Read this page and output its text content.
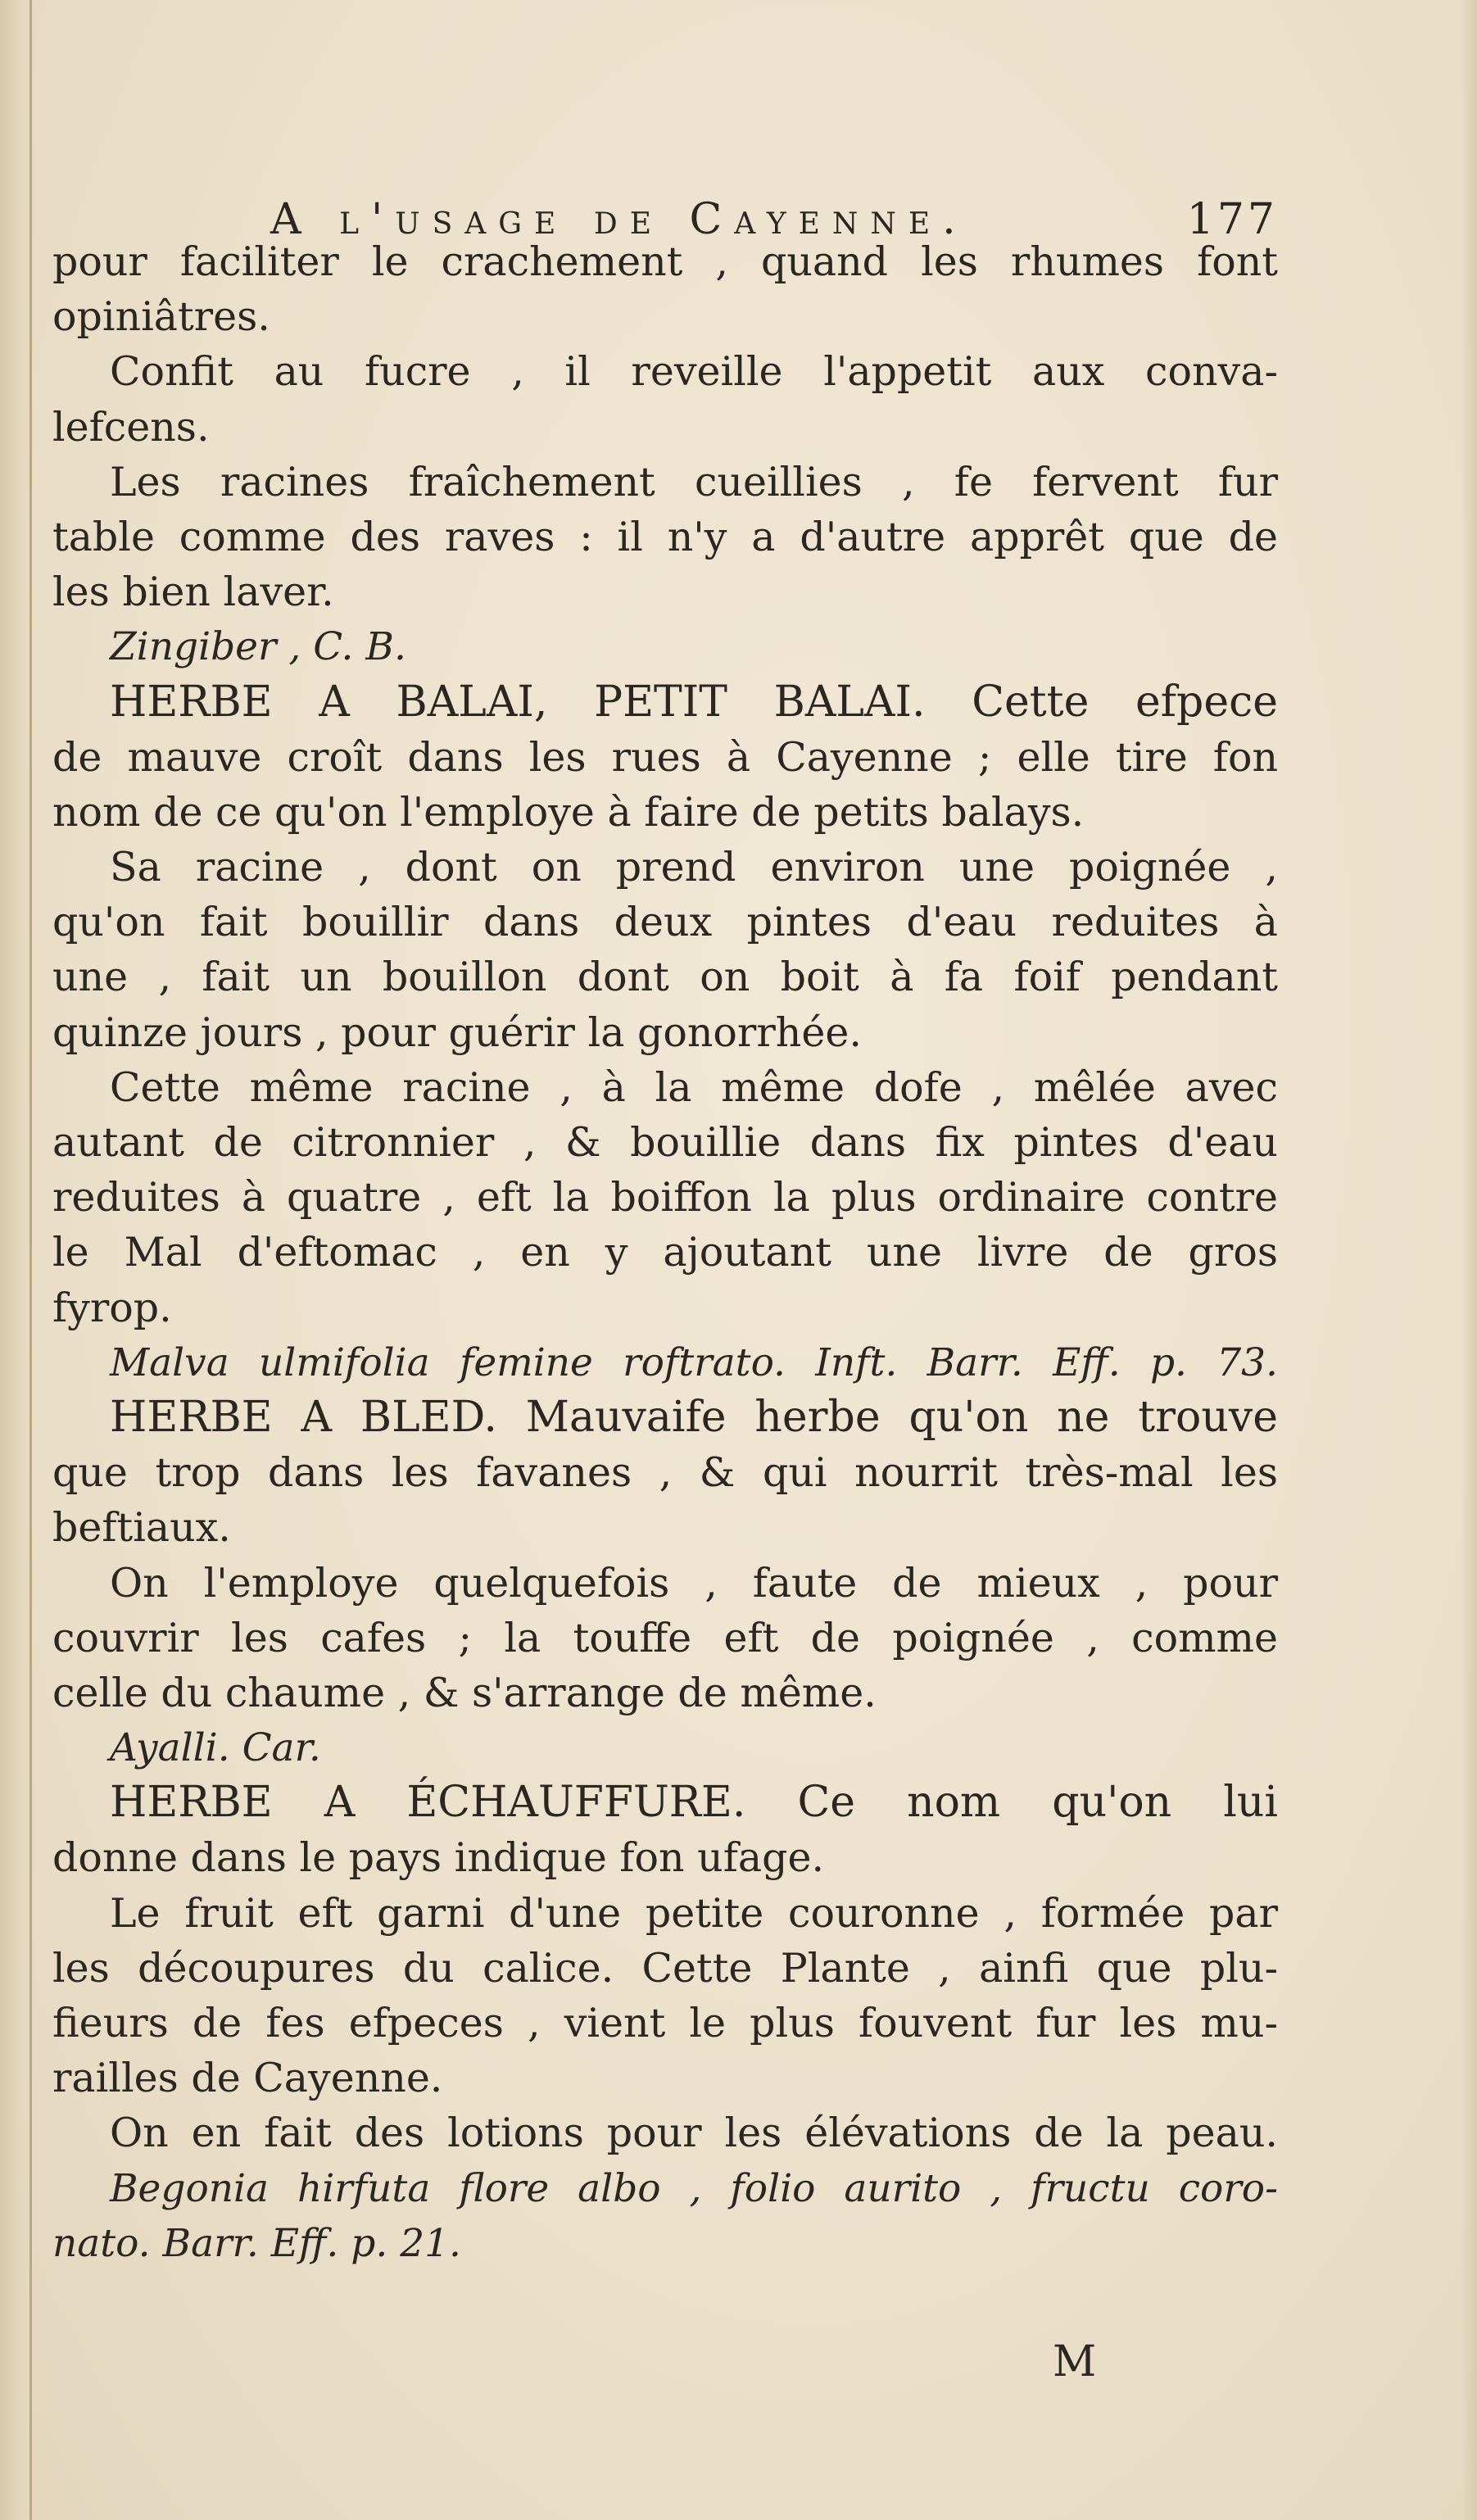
A l'usage de Cayenne.	177
pour faciliter le crachement , quand les rhumes font
opiniâtres.
Confit au fucre , il reveille l'appetit aux conva-
lefcens.
Les racines fraîchement cueillies , fe fervent fur
table comme des raves : il n'y a d'autre apprêt que de
les bien laver.
Zingiber , C. B.
HERBE A BALAI, PETIT BALAI. Cette efpece
de mauve croît dans les rues à Cayenne ; elle tire fon
nom de ce qu'on l'employe à faire de petits balays.
Sa racine , dont on prend environ une poignée ,
qu'on fait bouillir dans deux pintes d'eau reduites à
une , fait un bouillon dont on boit à fa foif pendant
quinze jours , pour guérir la gonorrhée.
Cette même racine , à la même dofe , mêlée avec
autant de citronnier , & bouillie dans fix pintes d'eau
reduites à quatre , eft la boiffon la plus ordinaire contre
le Mal d'eftomac , en y ajoutant une livre de gros
fyrop.
Malva ulmifolia femine roftrato. Inft. Barr. Eff. p. 73.
HERBE A BLED. Mauvaife herbe qu'on ne trouve
que trop dans les favanes , & qui nourrit très-mal les
beftiaux.
On l'employe quelquefois , faute de mieux , pour
couvrir les cafes ; la touffe eft de poignée , comme
celle du chaume , & s'arrange de même.
Ayalli. Car.
HERBE A ÉCHAUFFURE. Ce nom qu'on lui
donne dans le pays indique fon ufage.
Le fruit eft garni d'une petite couronne , formée par
les découpures du calice. Cette Plante , ainfi que plu-
fieurs de fes efpeces , vient le plus fouvent fur les mu-
railles de Cayenne.
On en fait des lotions pour les élévations de la peau.
Begonia hirfuta flore albo , folio aurito , fructu coro-
nato. Barr. Eff. p. 21.
M
